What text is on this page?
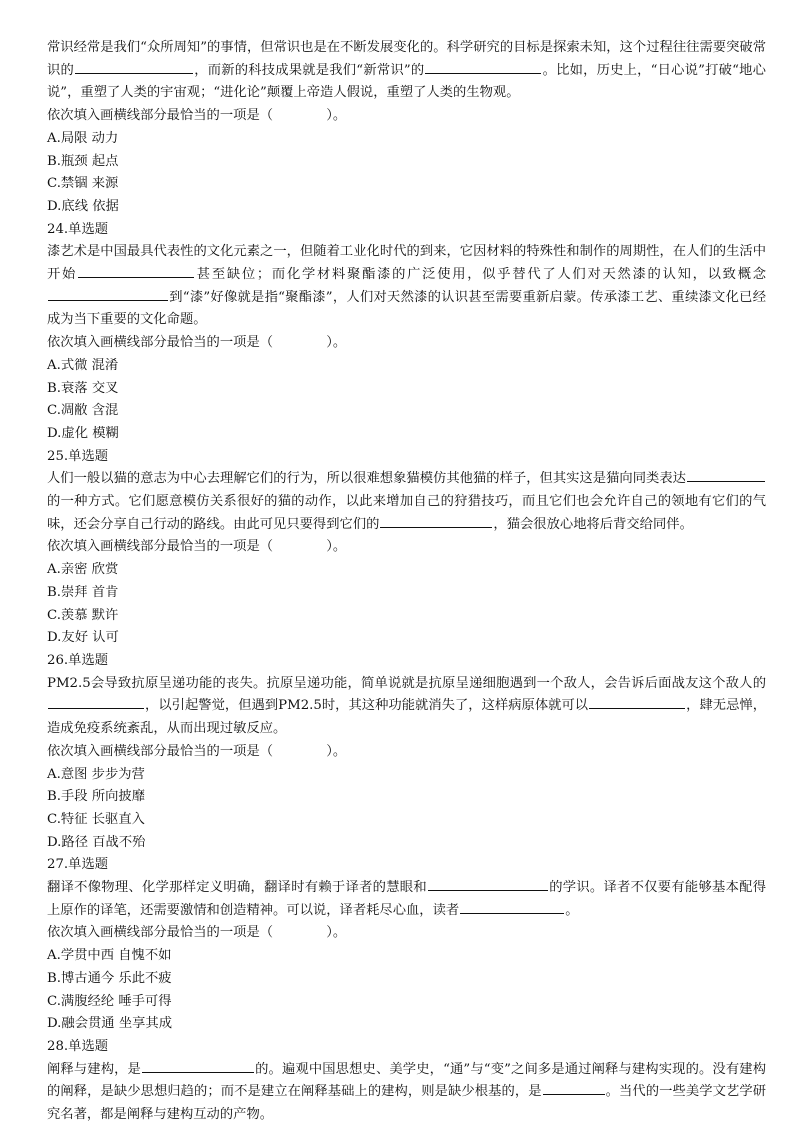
常识经常是我们“众所周知”的事情，但常识也是在不断发展变化的。科学研究的目标是探索未知，这个过程往往需要突破常识的	，而新的科技成果就是我们“新常识”的	。比如，历史上，“日心说”打破“地心说”，重塑了人类的宇宙观；“进化论”颠覆上帝造人假说，重塑了人类的生物观。

依次填入画横线部分最恰当的一项是（　　　　）。

A.局限 动力

B.瓶颈 起点

C.禁锢 来源

D.底线 依据

24.单选题

漆艺术是中国最具代表性的文化元素之一，但随着工业化时代的到来，它因材料的特殊性和制作的周期性，在人们的生活中开始	甚至缺位；而化学材料聚酯漆的广泛使用，似乎替代了人们对天然漆的认知，以致概念到“漆”好像就是指“聚酯漆”，人们对天然漆的认识甚至需要重新启蒙。传承漆工艺、重续漆文化已经成为当下重要的文化命题。

依次填入画横线部分最恰当的一项是（　　　　）。

A.式微 混淆

B.衰落 交叉

C.凋敝 含混

D.虚化 模糊

25.单选题

人们一般以猫的意志为中心去理解它们的行为，所以很难想象猫模仿其他猫的样子，但其实这是猫向同类表达的一种方式。它们愿意模仿关系很好的猫的动作，以此来增加自己的狩猎技巧，而且它们也会允许自己的领地有它们的气味，还会分享自己行动的路线。由此可见只要得到它们的	，猫会很放心地将后背交给同伴。

依次填入画横线部分最恰当的一项是（　　　　）。

A.亲密 欣赏

B.崇拜 首肯

C.羡慕 默许

D.友好 认可

26.单选题

PM2.5会导致抗原呈递功能的丧失。抗原呈递功能，简单说就是抗原呈递细胞遇到一个敌人，会告诉后面战友这个敌人的，以引起警觉，但遇到PM2.5时，其这种功能就消失了，这样病原体就可以	，肆无忌惮，造成免疫系统紊乱，从而出现过敏反应。

依次填入画横线部分最恰当的一项是（　　　　）。

A.意图 步步为营

B.手段 所向披靡

C.特征 长驱直入

D.路径 百战不殆

27.单选题

翻译不像物理、化学那样定义明确，翻译时有赖于译者的慧眼和	的学识。译者不仅要有能够基本配得上原作的译笔，还需要激情和创造精神。可以说，译者耗尽心血，读者	。

依次填入画横线部分最恰当的一项是（　　　　）。

A.学贯中西 自愧不如

B.博古通今 乐此不疲

C.满腹经纶 唾手可得

D.融会贯通 坐享其成

28.单选题

阐释与建构，是	的。遍观中国思想史、美学史，“通”与“变”之间多是通过阐释与建构实现的。没有建构的阐释，是缺少思想归趋的；而不是建立在阐释基础上的建构，则是缺少根基的，是	。当代的一些美学文艺学研究名著，都是阐释与建构互动的产物。
